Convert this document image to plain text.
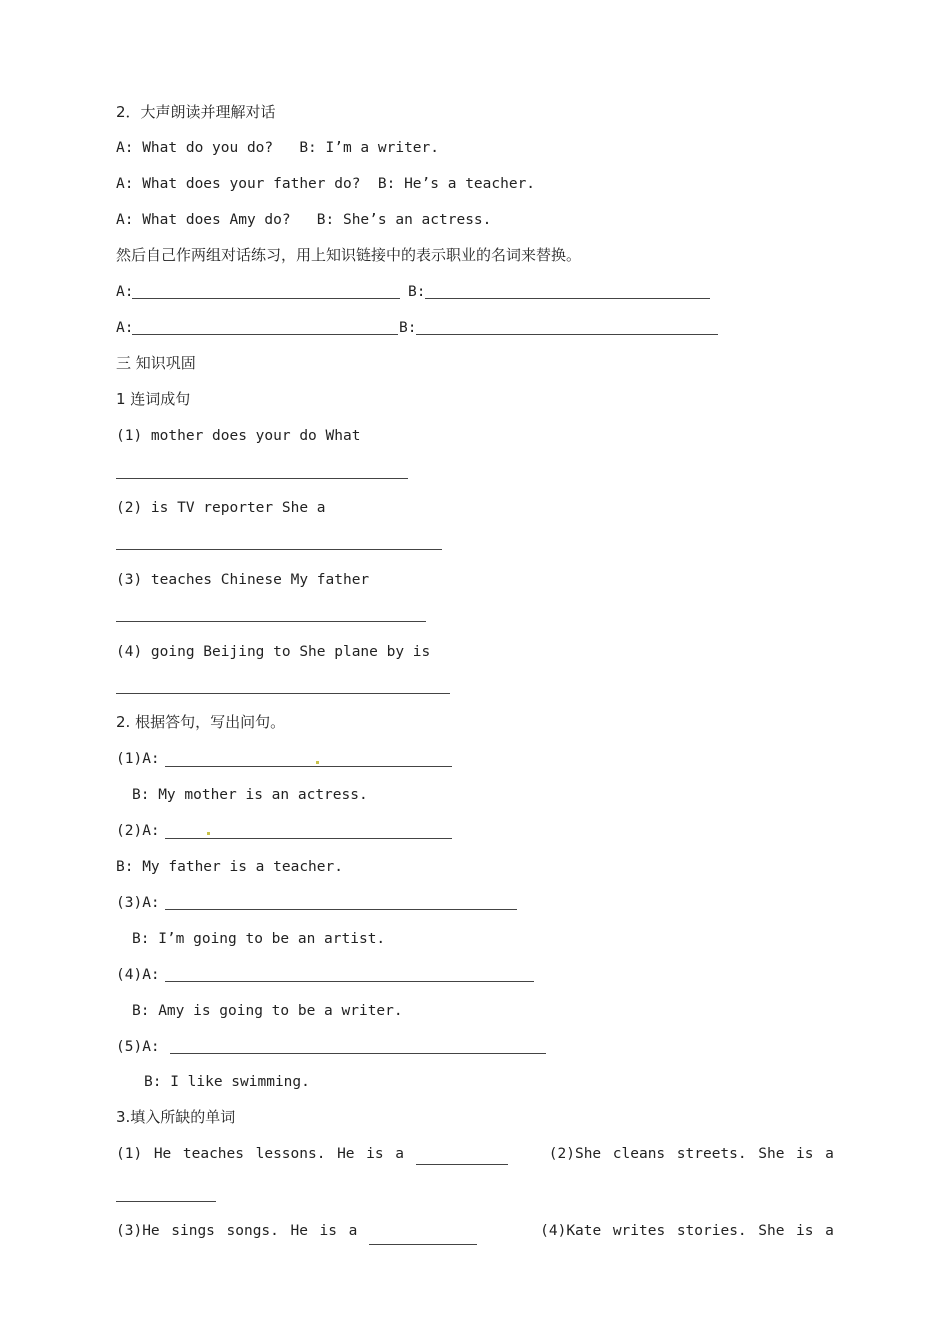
2．大声朗读并理解对话
A: What do you do?   B: I’m a writer.
A: What does your father do?  B: He’s a teacher.
A: What does Amy do?   B: She’s an actress.
然后自己作两组对话练习，用上知识链接中的表示职业的名词来替换。
A:	B:
A:	B:
三 知识巩固
1 连词成句
(1) mother does your do What
(2) is TV reporter She a
(3) teaches Chinese My father
(4) going Beijing to She plane by is
2. 根据答句，写出问句。
(1)A:
B: My mother is an actress.
(2)A:
B: My father is a teacher.
(3)A:
B: I’m going to be an artist.
(4)A:
B: Amy is going to be a writer.
(5)A:
B: I like swimming.
3.填入所缺的单词
(1) He teaches lessons. He is a	(2)She cleans streets. She is a
(3)He sings songs. He is a	(4)Kate writes stories. She is a
